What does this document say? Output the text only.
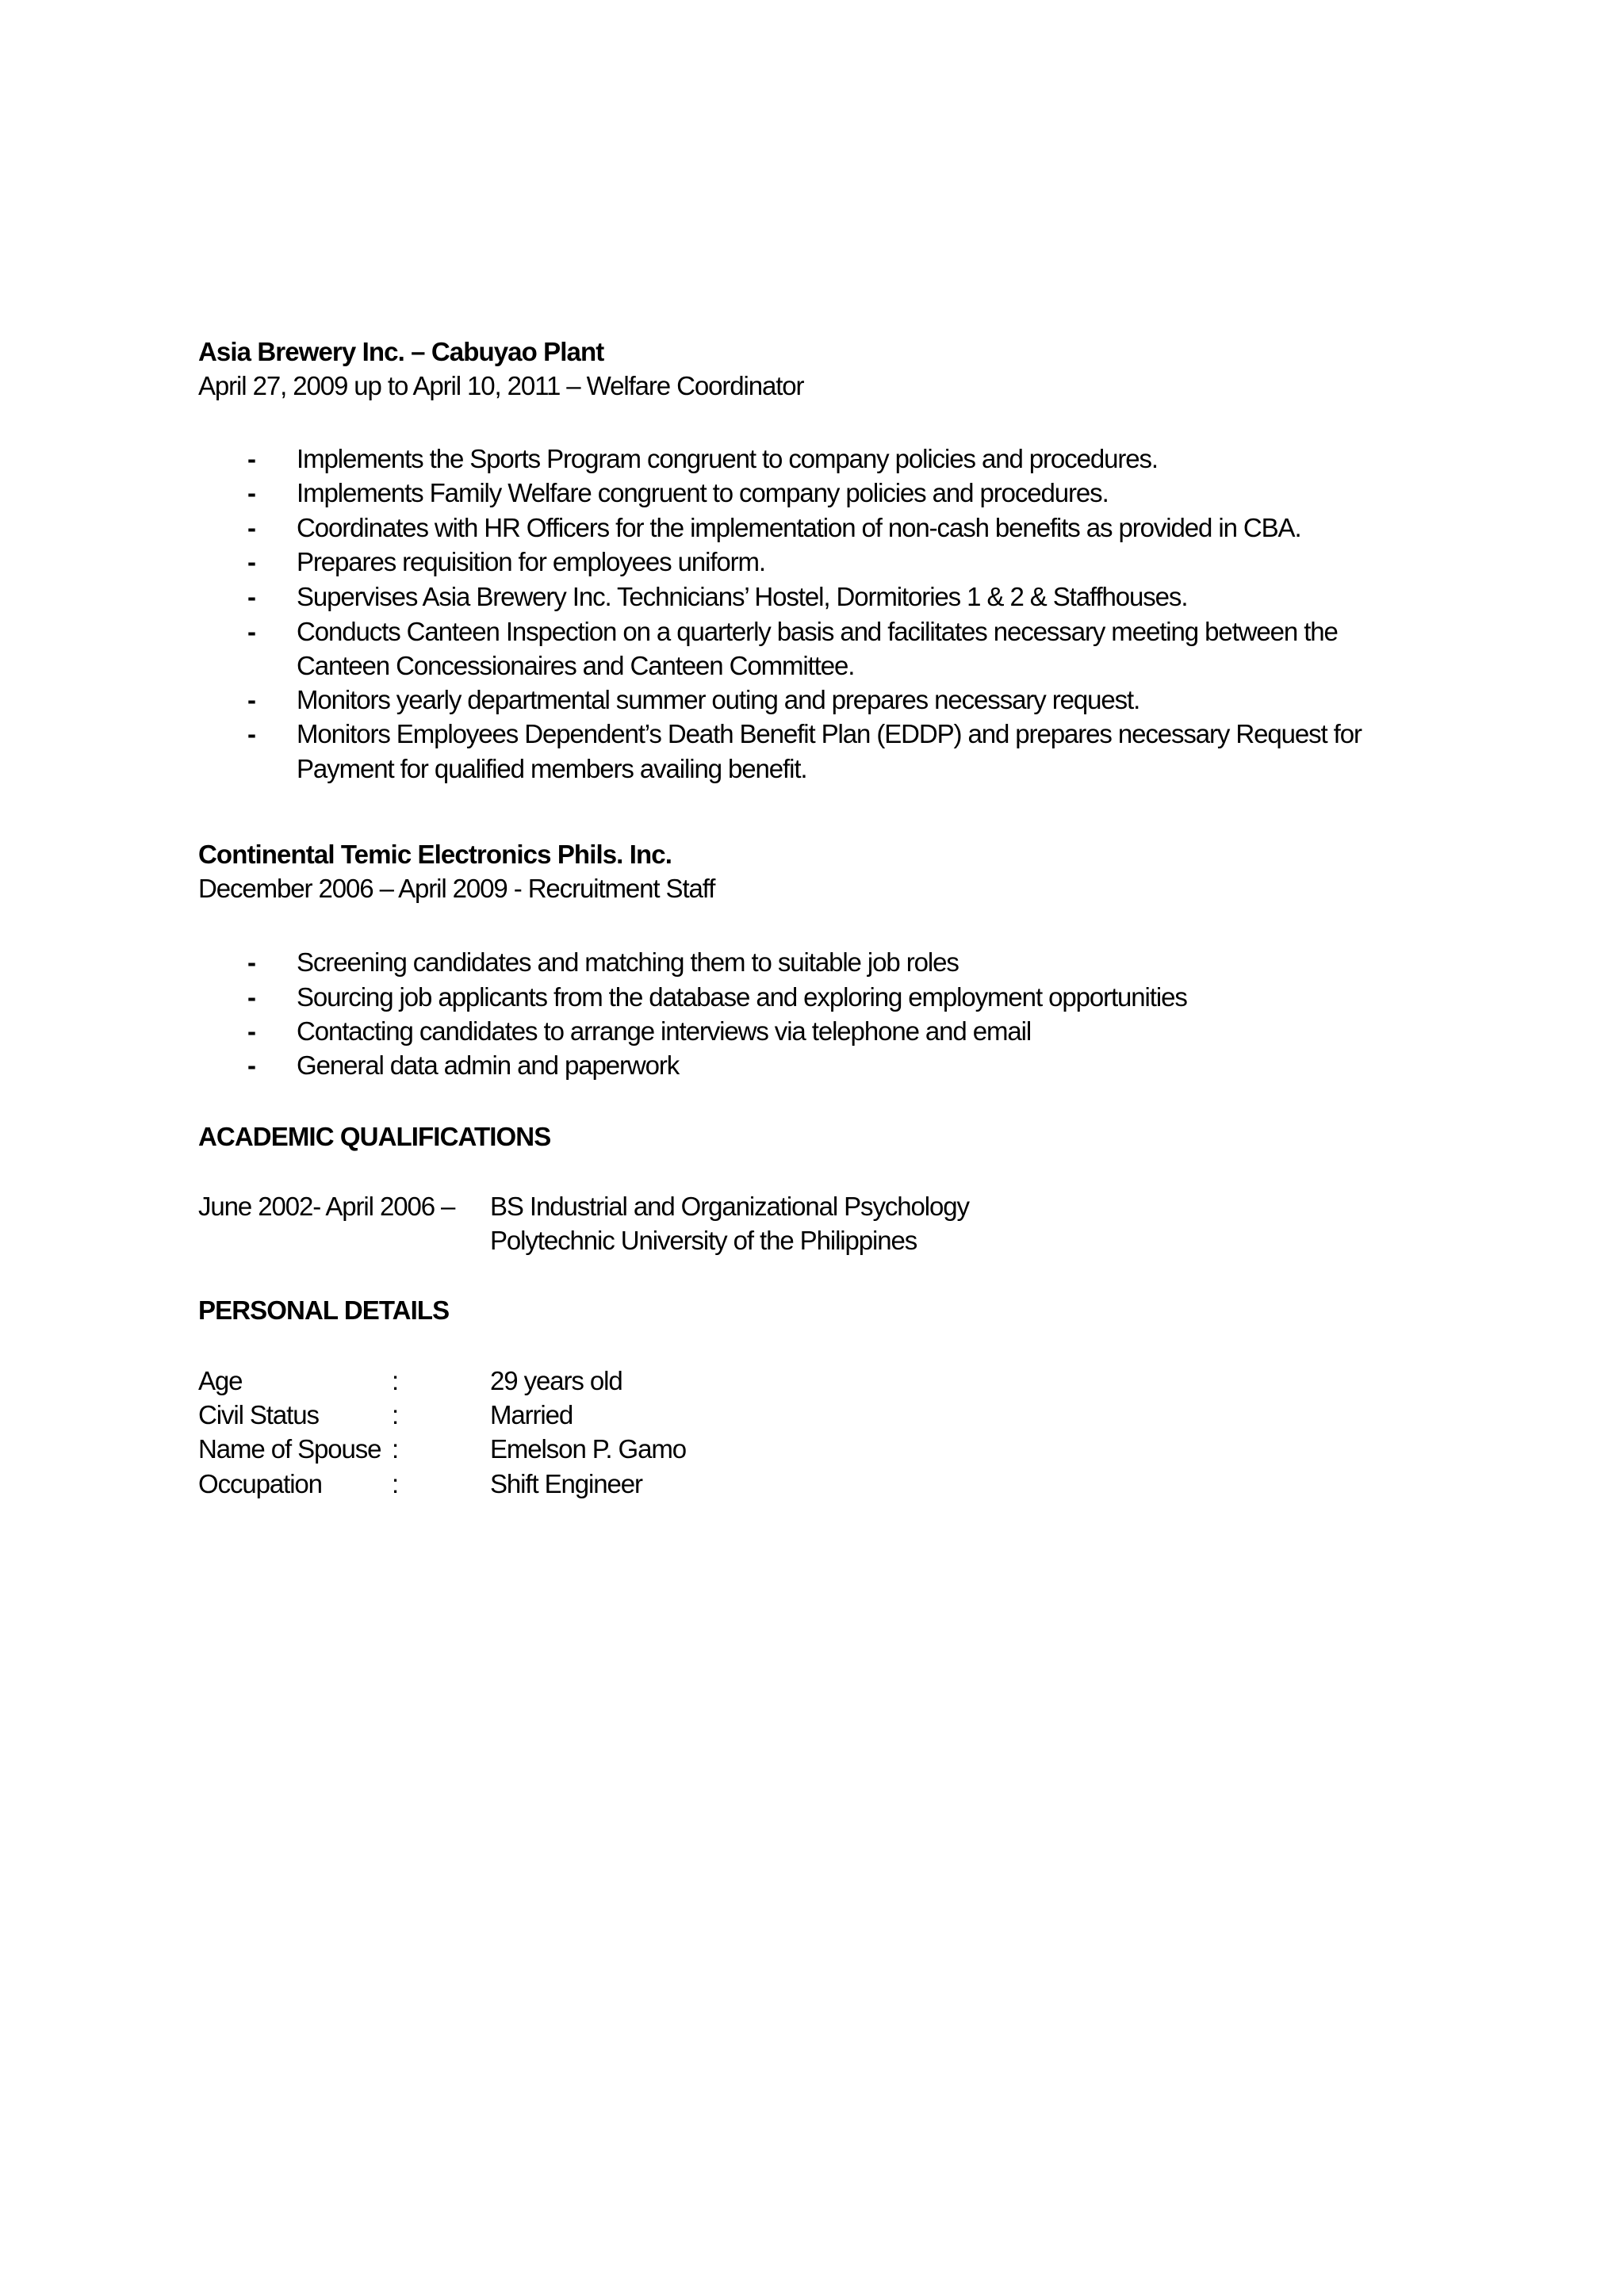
Asia Brewery Inc. – Cabuyao Plant
April 27, 2009 up to April 10, 2011 – Welfare Coordinator
- Implements the Sports Program congruent to company policies and procedures.
- Implements Family Welfare congruent to company policies and procedures.
- Coordinates with HR Officers for the implementation of non-cash benefits as provided in CBA.
- Prepares requisition for employees uniform.
- Supervises Asia Brewery Inc. Technicians’ Hostel, Dormitories 1 & 2 & Staffhouses.
- Conducts Canteen Inspection on a quarterly basis and facilitates necessary meeting between the
Canteen Concessionaires and Canteen Committee.
- Monitors yearly departmental summer outing and prepares necessary request.
- Monitors Employees Dependent’s Death Benefit Plan (EDDP) and prepares necessary Request for
Payment for qualified members availing benefit.
Continental Temic Electronics Phils. Inc.
December 2006 – April 2009 - Recruitment Staff
- Screening candidates and matching them to suitable job roles
- Sourcing job applicants from the database and exploring employment opportunities
- Contacting candidates to arrange interviews via telephone and email
- General data admin and paperwork
ACADEMIC QUALIFICATIONS
June 2002- April 2006 – BS Industrial and Organizational Psychology
Polytechnic University of the Philippines
PERSONAL DETAILS
Age	:	29 years old
Civil Status	:	Married
Name of Spouse :	Emelson P. Gamo
Occupation	:	Shift Engineer
